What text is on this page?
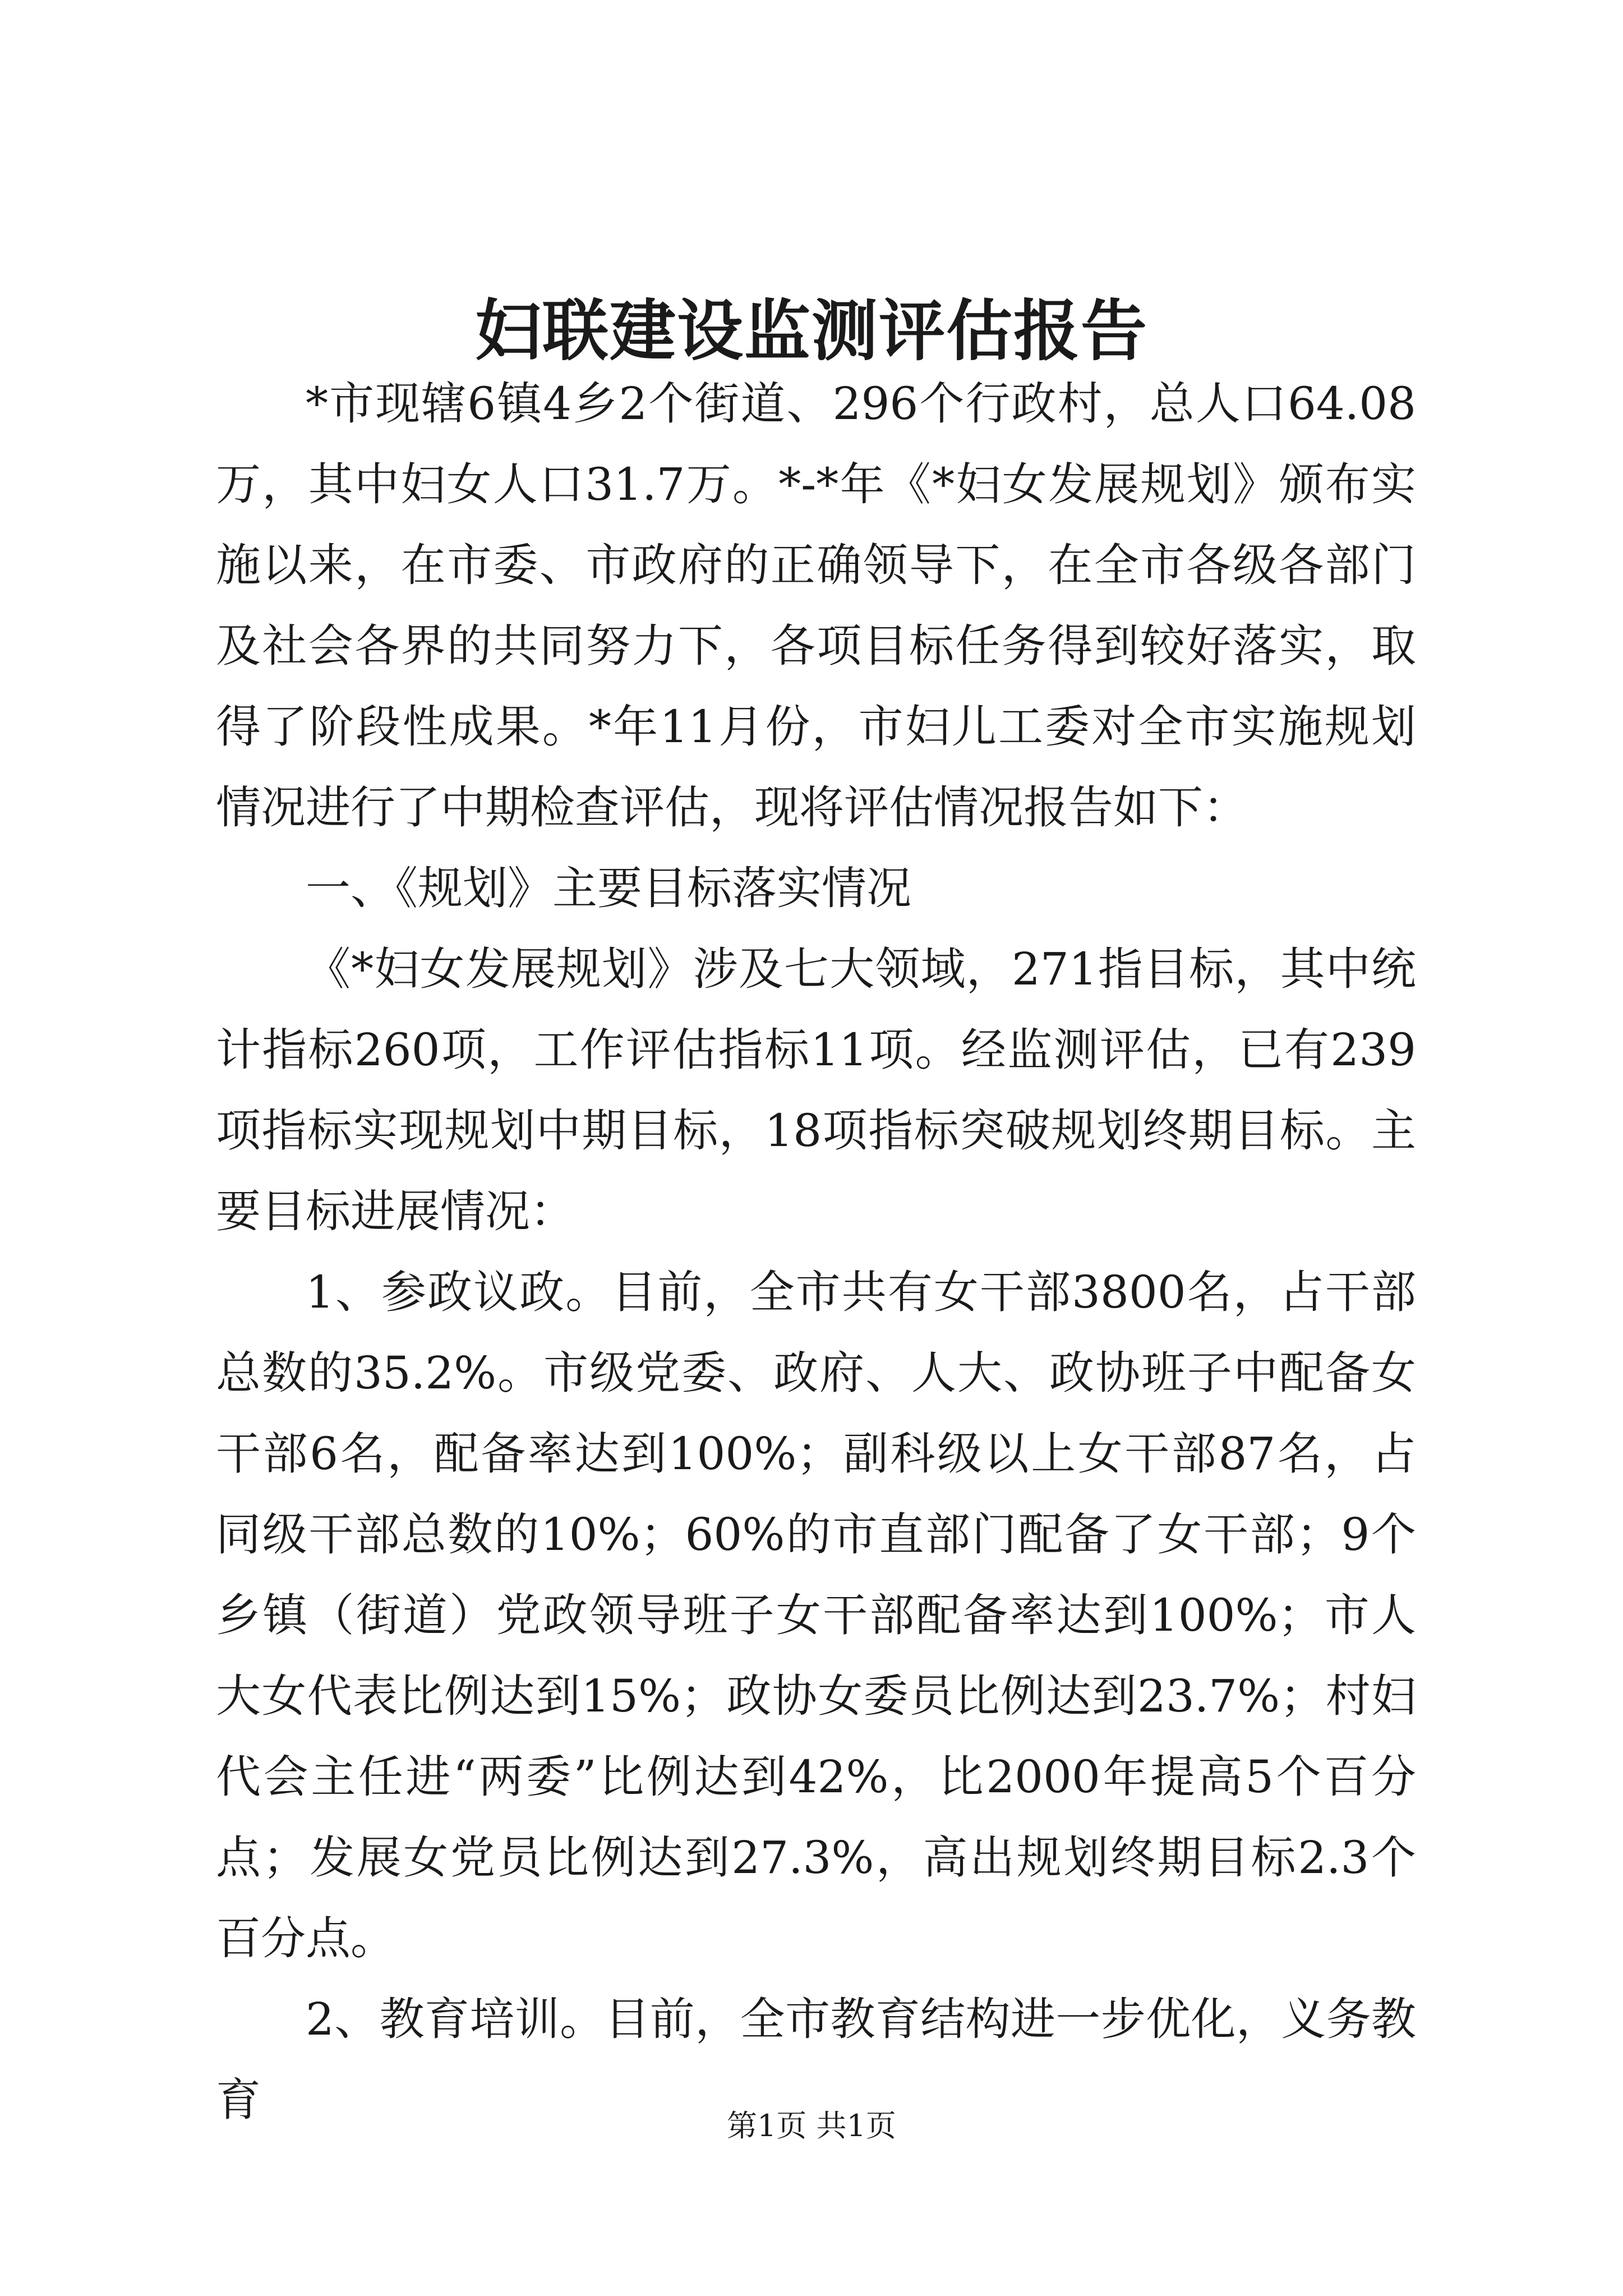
妇联建设监测评估报告

*市现辖6镇4乡2个街道、296个行政村，总人口64.08万，其中妇女人口31.7万。*-*年《*妇女发展规划》颁布实施以来，在市委、市政府的正确领导下，在全市各级各部门及社会各界的共同努力下，各项目标任务得到较好落实，取得了阶段性成果。*年11月份，市妇儿工委对全市实施规划情况进行了中期检查评估，现将评估情况报告如下：

一、《规划》主要目标落实情况

《*妇女发展规划》涉及七大领域，271指目标，其中统计指标260项，工作评估指标11项。经监测评估，已有239项指标实现规划中期目标，18项指标突破规划终期目标。主要目标进展情况：

1、参政议政。目前，全市共有女干部3800名，占干部总数的35.2%。市级党委、政府、人大、政协班子中配备女干部6名，配备率达到100%；副科级以上女干部87名，占同级干部总数的10%；60%的市直部门配备了女干部；9个乡镇（街道）党政领导班子女干部配备率达到100%；市人大女代表比例达到15%；政协女委员比例达到23.7%；村妇代会主任进“两委”比例达到42%，比2000年提高5个百分点；发展女党员比例达到27.3%，高出规划终期目标2.3个百分点。

2、教育培训。目前，全市教育结构进一步优化，义务教育	第1页 共1页
